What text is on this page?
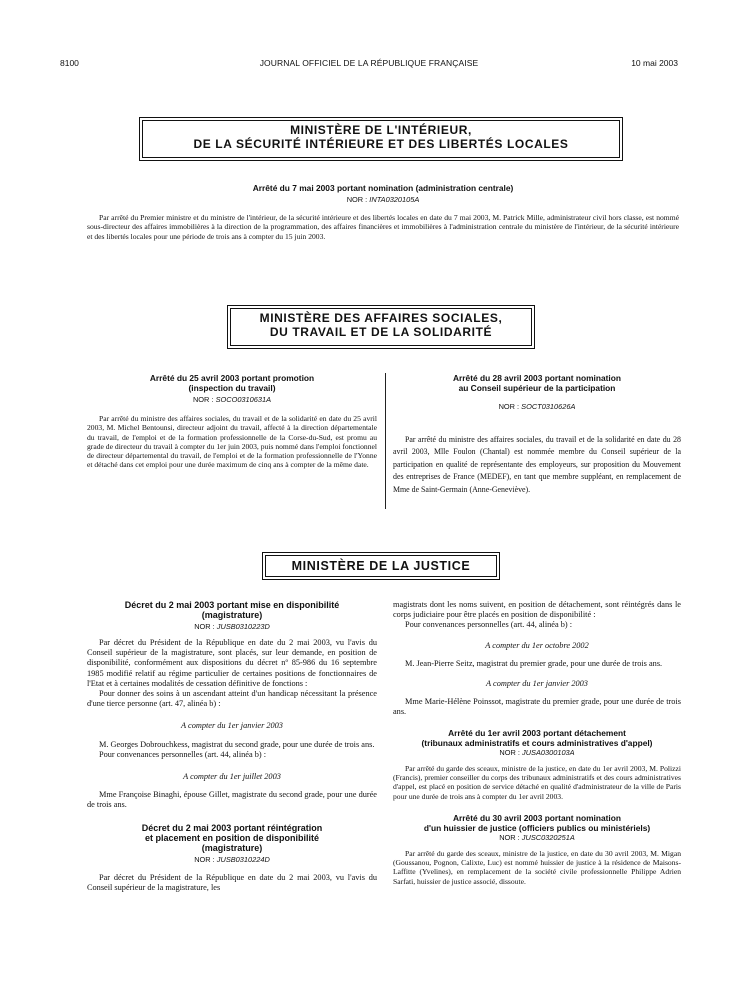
8100	JOURNAL OFFICIEL DE LA RÉPUBLIQUE FRANÇAISE	10 mai 2003
MINISTÈRE DE L'INTÉRIEUR,
DE LA SÉCURITÉ INTÉRIEURE ET DES LIBERTÉS LOCALES
Arrêté du 7 mai 2003 portant nomination (administration centrale)
NOR : INTA0320105A

Par arrêté du Premier ministre et du ministre de l'intérieur, de la sécurité intérieure et des libertés locales en date du 7 mai 2003, M. Patrick Mille, administrateur civil hors classe, est nommé sous-directeur des affaires immobilières à la direction de la programmation, des affaires financières et immobilières à l'administration centrale du ministère de l'intérieur, de la sécurité intérieure et des libertés locales pour une période de trois ans à compter du 15 juin 2003.

MINISTÈRE DES AFFAIRES SOCIALES,
DU TRAVAIL ET DE LA SOLIDARITÉ
Arrêté du 25 avril 2003 portant promotion
(inspection du travail)
NOR : SOCO0310631A

Par arrêté du ministre des affaires sociales, du travail et de la solidarité en date du 25 avril 2003, M. Michel Bentounsi, directeur adjoint du travail, affecté à la direction départementale du travail, de l'emploi et de la formation professionnelle de la Corse-du-Sud, est promu au grade de directeur du travail à compter du 1er juin 2003, puis nommé dans l'emploi fonctionnel de directeur départemental du travail, de l'emploi et de la formation professionnelle de l'Yonne et détaché dans cet emploi pour une durée maximum de cinq ans à compter de la même date.

Arrêté du 28 avril 2003 portant nomination
au Conseil supérieur de la participation
NOR : SOCT0310626A

Par arrêté du ministre des affaires sociales, du travail et de la solidarité en date du 28 avril 2003, Mlle Foulon (Chantal) est nommée membre du Conseil supérieur de la participation en qualité de représentante des employeurs, sur proposition du Mouvement des entreprises de France (MEDEF), en tant que membre suppléant, en remplacement de Mme de Saint-Germain (Anne-Geneviève).

MINISTÈRE DE LA JUSTICE
Décret du 2 mai 2003 portant mise en disponibilité
(magistrature)
NOR : JUSB0310223D

Par décret du Président de la République en date du 2 mai 2003, vu l'avis du Conseil supérieur de la magistrature, sont placés, sur leur demande, en position de disponibilité, conformément aux dispositions du décret nº 85-986 du 16 septembre 1985 modifié relatif au régime particulier de certaines positions de fonctionnaires de l'Etat et à certaines modalités de cessation définitive de fonctions :

Pour donner des soins à un ascendant atteint d'un handicap nécessitant la présence d'une tierce personne (art. 47, alinéa b) :

A compter du 1er janvier 2003

M. Georges Dobrouchkess, magistrat du second grade, pour une durée de trois ans.

Pour convenances personnelles (art. 44, alinéa b) :

A compter du 1er juillet 2003

Mme Françoise Binaghi, épouse Gillet, magistrate du second grade, pour une durée de trois ans.

Décret du 2 mai 2003 portant réintégration
et placement en position de disponibilité
(magistrature)
NOR : JUSB0310224D

Par décret du Président de la République en date du 2 mai 2003, vu l'avis du Conseil supérieur de la magistrature, les

magistrats dont les noms suivent, en position de détachement, sont réintégrés dans le corps judiciaire pour être placés en position de disponibilité :

Pour convenances personnelles (art. 44, alinéa b) :

A compter du 1er octobre 2002

M. Jean-Pierre Seitz, magistrat du premier grade, pour une durée de trois ans.

A compter du 1er janvier 2003

Mme Marie-Hélène Poinssot, magistrate du premier grade, pour une durée de trois ans.

Arrêté du 1er avril 2003 portant détachement
(tribunaux administratifs et cours administratives d'appel)
NOR : JUSA0300103A

Par arrêté du garde des sceaux, ministre de la justice, en date du 1er avril 2003, M. Polizzi (Francis), premier conseiller du corps des tribunaux administratifs et des cours administratives d'appel, est placé en position de service détaché en qualité d'administrateur de la ville de Paris pour une durée de trois ans à compter du 1er avril 2003.

Arrêté du 30 avril 2003 portant nomination
d'un huissier de justice (officiers publics ou ministériels)
NOR : JUSC0320251A

Par arrêté du garde des sceaux, ministre de la justice, en date du 30 avril 2003, M. Migan (Goussanou, Pognon, Calixte, Luc) est nommé huissier de justice à la résidence de Maisons-Laffitte (Yvelines), en remplacement de la société civile professionnelle Philippe Adrien Sarfati, huissier de justice associé, dissoute.
